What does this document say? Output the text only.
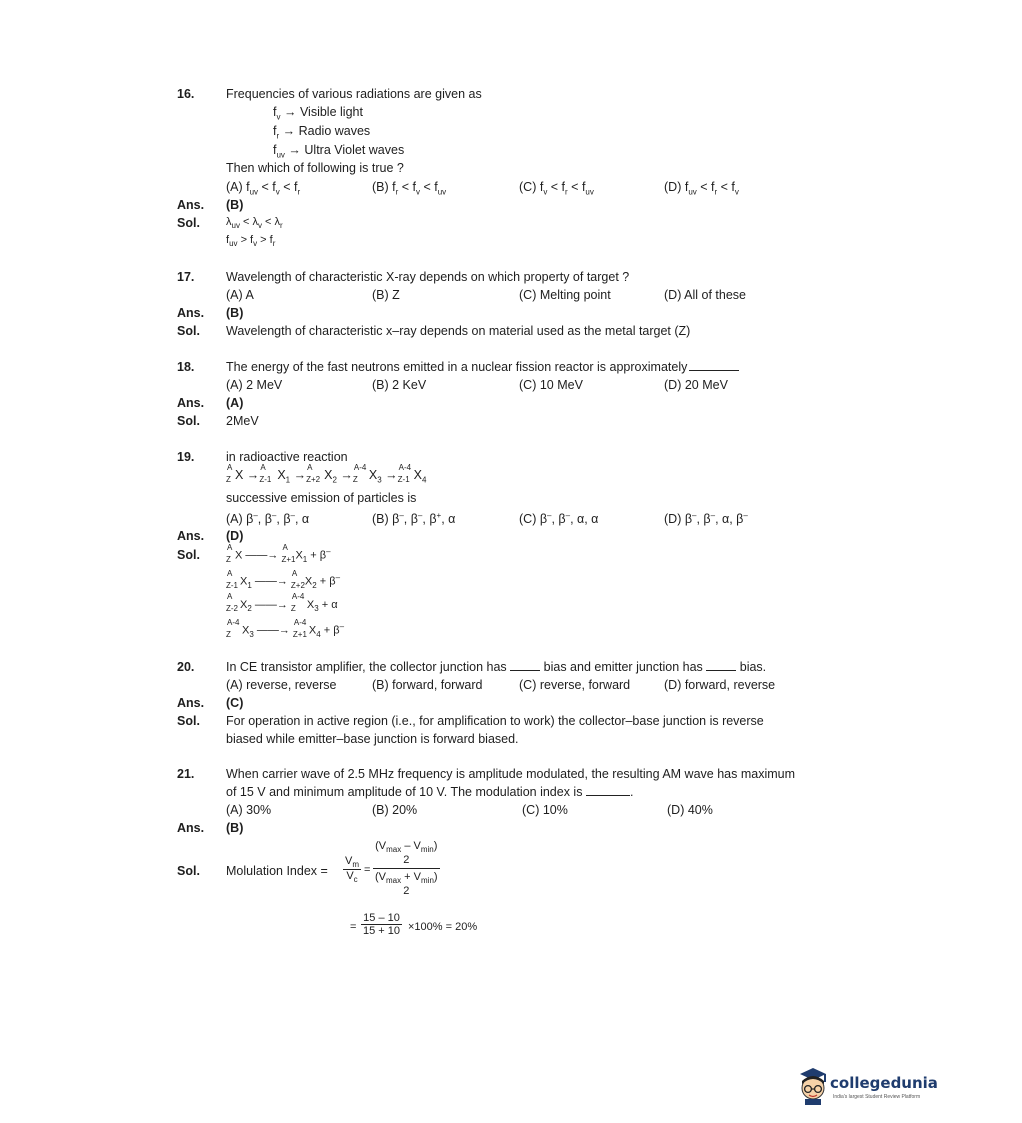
16.	Frequencies of various radiations are given as
$f_v$ → Visible light
$f_r$ → Radio waves
$f_{uv}$ → Ultra Violet waves
Then which of following is true ?
(A) $f_{uv} < f_v < f_r$	(B) $f_r < f_v < f_{uv}$	(C) $f_v < f_r < f_{uv}$	(D) $f_{uv} < f_r < f_v$
Ans. (B)
Sol. $\lambda_{uv} < \lambda_v < \lambda_r$
$f_{uv} > f_v > f_r$
17.	Wavelength of characteristic X-ray depends on which property of target ?
(A) A	(B) Z	(C) Melting point	(D) All of these
Ans. (B)
Sol. Wavelength of characteristic x–ray depends on material used as the metal target (Z)
18.	The energy of the fast neutrons emitted in a nuclear fission reactor is approximately
(A) 2 MeV	(B) 2 KeV	(C) 10 MeV	(D) 20 MeV
Ans. (A)
Sol. 2MeV
19.	in radioactive reaction
A
Z X →
A
Z-1 $X_1$ →
A
Z+2 $X_2$ →
A-4
Z $X_3$ →
A-4
Z-1 $X_4$
successive emission of particles is
(A) β–, β–, β–, α	(B) β–, β–, β+, α	(C) β–, β–, α, α	(D) β–, β–, α, β–
Ans. (D)
Sol.
A
Z X ——→
A
Z+1 $X_1 + \beta^-$
A
Z-1 $X_1$ ——→
A
Z+2 $X_2 + \beta^-$
A
Z-2 $X_2$ ——→
A-4
Z $X_3 + \alpha$
A-4
Z $X_3$ ——→
A-4
Z+1 $X_4 + \beta^-$
20.	In CE transistor amplifier, the collector junction has	bias and emitter junction has	bias.
(A) reverse, reverse	(B) forward, forward	(C) reverse, forward	(D) forward, reverse
Ans. (C)
Sol. For operation in active region (i.e., for amplification to work) the collector–base junction is reverse
biased while emitter–base junction is forward biased.
21.	When carrier wave of 2.5 MHz frequency is amplitude modulated, the resulting AM wave has maximum
of 15 V and minimum amplitude of 10 V. The modulation index is	.
(A) 30%	(B) 20%	(C) 10%	(D) 40%
Ans. (B)
Sol. Molulation Index = $\frac{V_m}{V_c}$ =
$(V_{max} - V_{min})$
2
$(V_{max} + V_{min})$
2
= $\frac{15 - 10}{15 + 10} \times 100\% = 20\%$
collegedunia
India's largest Student Review Platform
